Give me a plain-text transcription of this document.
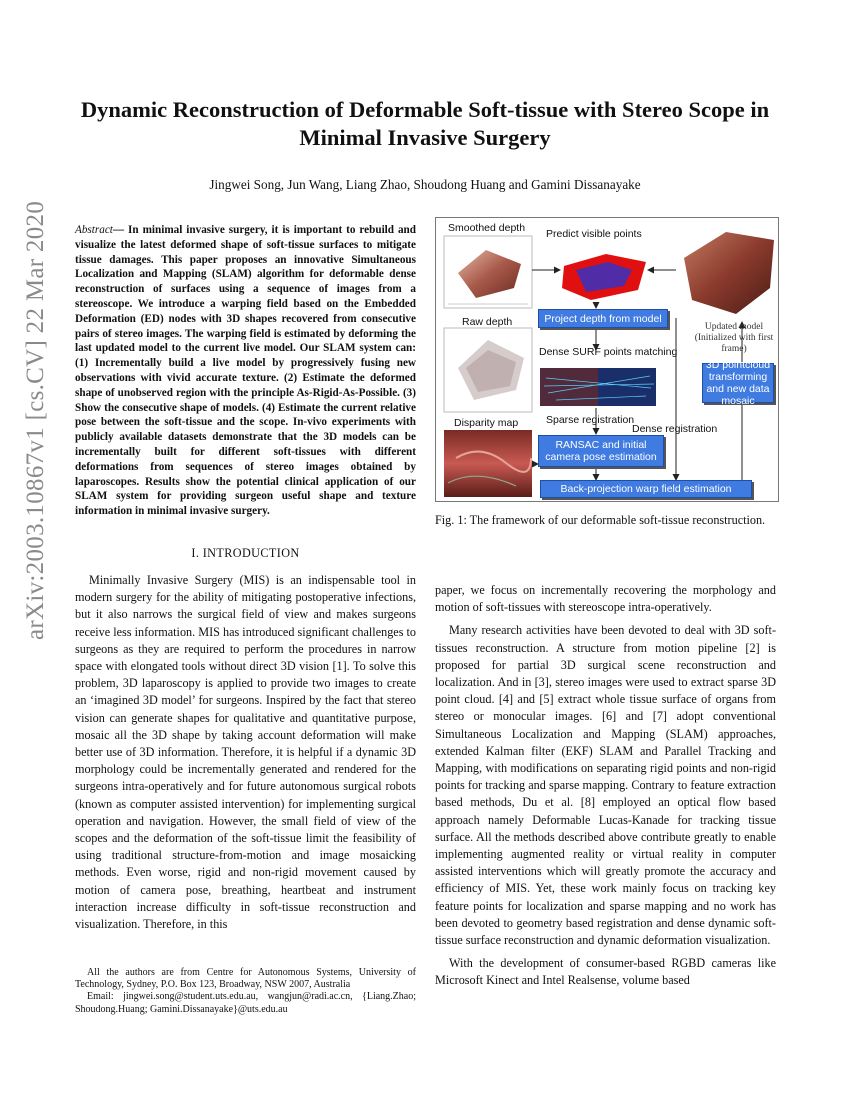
arXiv:2003.10867v1 [cs.CV] 22 Mar 2020
Dynamic Reconstruction of Deformable Soft-tissue with Stereo Scope in
Minimal Invasive Surgery
Jingwei Song, Jun Wang, Liang Zhao, Shoudong Huang and Gamini Dissanayake
Abstract— In minimal invasive surgery, it is important to rebuild and visualize the latest deformed shape of soft-tissue surfaces to mitigate tissue damages. This paper proposes an innovative Simultaneous Localization and Mapping (SLAM) algorithm for deformable dense reconstruction of surfaces using a sequence of images from a stereoscope. We introduce a warping field based on the Embedded Deformation (ED) nodes with 3D shapes recovered from consecutive pairs of stereo images. The warping field is estimated by deforming the last updated model to the current live model. Our SLAM system can: (1) Incrementally build a live model by progressively fusing new observations with vivid accurate texture. (2) Estimate the deformed shape of unobserved region with the principle As-Rigid-As-Possible. (3) Show the consecutive shape of models. (4) Estimate the current relative pose between the soft-tissue and the scope. In-vivo experiments with publicly available datasets demonstrate that the 3D models can be incrementally built for different soft-tissues with different deformations from sequences of stereo images obtained by laparoscopes. Results show the potential clinical application of our SLAM system for providing surgeon useful shape and texture information in minimal invasive surgery.
I. INTRODUCTION

Minimally Invasive Surgery (MIS) is an indispensable tool in modern surgery for the ability of mitigating postoperative infections, but it also narrows the surgical field of view and makes surgeons receive less information. MIS has introduced significant challenges to surgeons as they are required to perform the procedures in narrow space with elongated tools without direct 3D vision [1]. To solve this problem, 3D laparoscopy is applied to provide two images to create an ‘imagined 3D model’ for surgeons. Inspired by the fact that stereo vision can generate shapes for qualitative and quantitative purpose, mosaic all the 3D shape by taking account deformation will make better use of 3D information. Therefore, it is helpful if a dynamic 3D morphology could be incrementally generated and rendered for the surgeons intra-operatively and for future autonomous surgical robots (known as computer assisted intervention) for implementing surgical operation and navigation. However, the small field of view of the scopes and the deformation of the soft-tissue limit the feasibility of using traditional structure-from-motion and image mosaicking methods. Even worse, rigid and non-rigid movement caused by motion of camera pose, breathing, heartbeat and instrument interaction increase difficulty in soft-tissue reconstruction and visualization. Therefore, in this

All the authors are from Centre for Autonomous Systems, University of Technology, Sydney, P.O. Box 123, Broadway, NSW 2007, Australia

Email: jingwei.song@student.uts.edu.au, wangjun@radi.ac.cn, {Liang.Zhao; Shoudong.Huang; Gamini.Dissanayake}@uts.edu.au

Smoothed depth Predict visible points
Raw depth
Dense SURF points matching
Disparity map	Sparse registration
Dense registration
Updated model (Initialized with first frame)
Project depth from model
3D pointcloud transforming and new data mosaic
RANSAC and initial camera pose estimation
Back-projection warp field estimation
Fig. 1: The framework of our deformable soft-tissue reconstruction.

paper, we focus on incrementally recovering the morphology and motion of soft-tissues with stereoscope intra-operatively.

Many research activities have been devoted to deal with 3D soft-tissues reconstruction. A structure from motion pipeline [2] is proposed for partial 3D surgical scene reconstruction and localization. And in [3], stereo images were used to extract sparse 3D point cloud. [4] and [5] extract whole tissue surface of organs from stereo or monocular images. [6] and [7] adopt conventional Simultaneous Localization and Mapping (SLAM) approaches, extended Kalman filter (EKF) SLAM and Parallel Tracking and Mapping, with modifications on separating rigid points and non-rigid points for tracking and sparse mapping. Contrary to feature extraction based methods, Du et al. [8] employed an optical flow based approach namely Deformable Lucas-Kanade for tracking tissue surface. All the methods described above contribute greatly to enable implementing augmented reality or virtual reality in computer assisted interventions which will greatly promote the accuracy and efficiency of MIS. Yet, these work mainly focus on tracking key feature points for localization and sparse mapping and no work has been devoted to geometry based registration and dense dynamic soft-tissue surface reconstruction and dynamic deformation visualization.

With the development of consumer-based RGBD cameras like Microsoft Kinect and Intel Realsense, volume based
